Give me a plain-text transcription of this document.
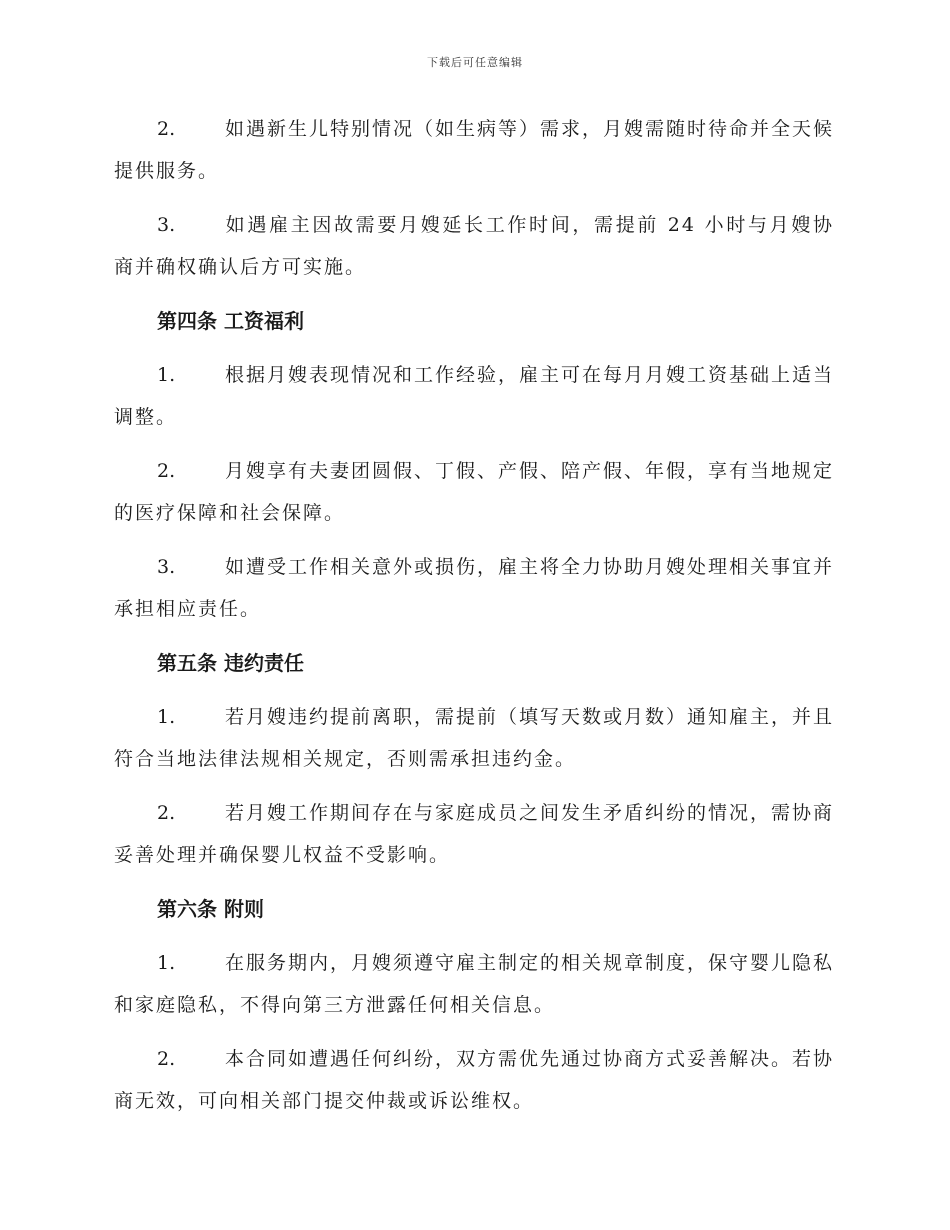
下载后可任意编辑

2.	如遇新生儿特别情况（如生病等）需求，月嫂需随时待命并全天候提供服务。

3.	如遇雇主因故需要月嫂延长工作时间，需提前 24 小时与月嫂协商并确权确认后方可实施。

第四条 工资福利

1.	根据月嫂表现情况和工作经验，雇主可在每月月嫂工资基础上适当调整。

2.	月嫂享有夫妻团圆假、丁假、产假、陪产假、年假，享有当地规定的医疗保障和社会保障。

3.	如遭受工作相关意外或损伤，雇主将全力协助月嫂处理相关事宜并承担相应责任。

第五条 违约责任

1.	若月嫂违约提前离职，需提前（填写天数或月数）通知雇主，并且符合当地法律法规相关规定，否则需承担违约金。

2.	若月嫂工作期间存在与家庭成员之间发生矛盾纠纷的情况，需协商妥善处理并确保婴儿权益不受影响。

第六条 附则

1.	在服务期内，月嫂须遵守雇主制定的相关规章制度，保守婴儿隐私和家庭隐私，不得向第三方泄露任何相关信息。

2.	本合同如遭遇任何纠纷，双方需优先通过协商方式妥善解决。若协商无效，可向相关部门提交仲裁或诉讼维权。
